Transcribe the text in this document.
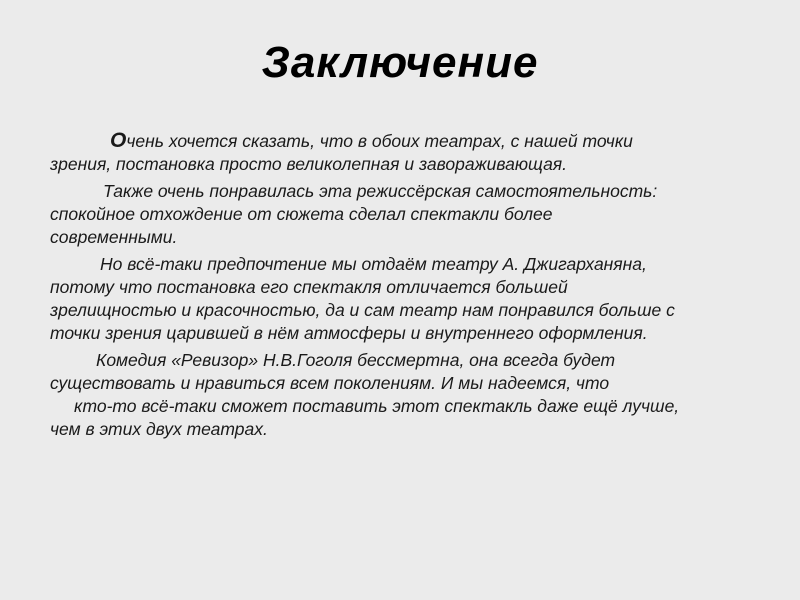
Заключение
Очень хочется сказать, что в обоих театрах, с нашей точки
зрения, постановка просто великолепная и завораживающая.
Также очень понравилась эта режиссёрская самостоятельность:
спокойное отхождение от сюжета сделал спектакли более
современными.
Но всё-таки предпочтение мы отдаём театру А. Джигарханяна,
потому что постановка его спектакля отличается большей
зрелищностью и красочностью, да и сам театр нам понравился больше с
точки зрения царившей в нём атмосферы и внутреннего оформления.
Комедия «Ревизор» Н.В.Гоголя бессмертна, она всегда будет
существовать и нравиться всем поколениям. И мы надеемся, что
кто-то всё-таки сможет поставить этот спектакль даже ещё лучше,
чем в этих двух театрах.
